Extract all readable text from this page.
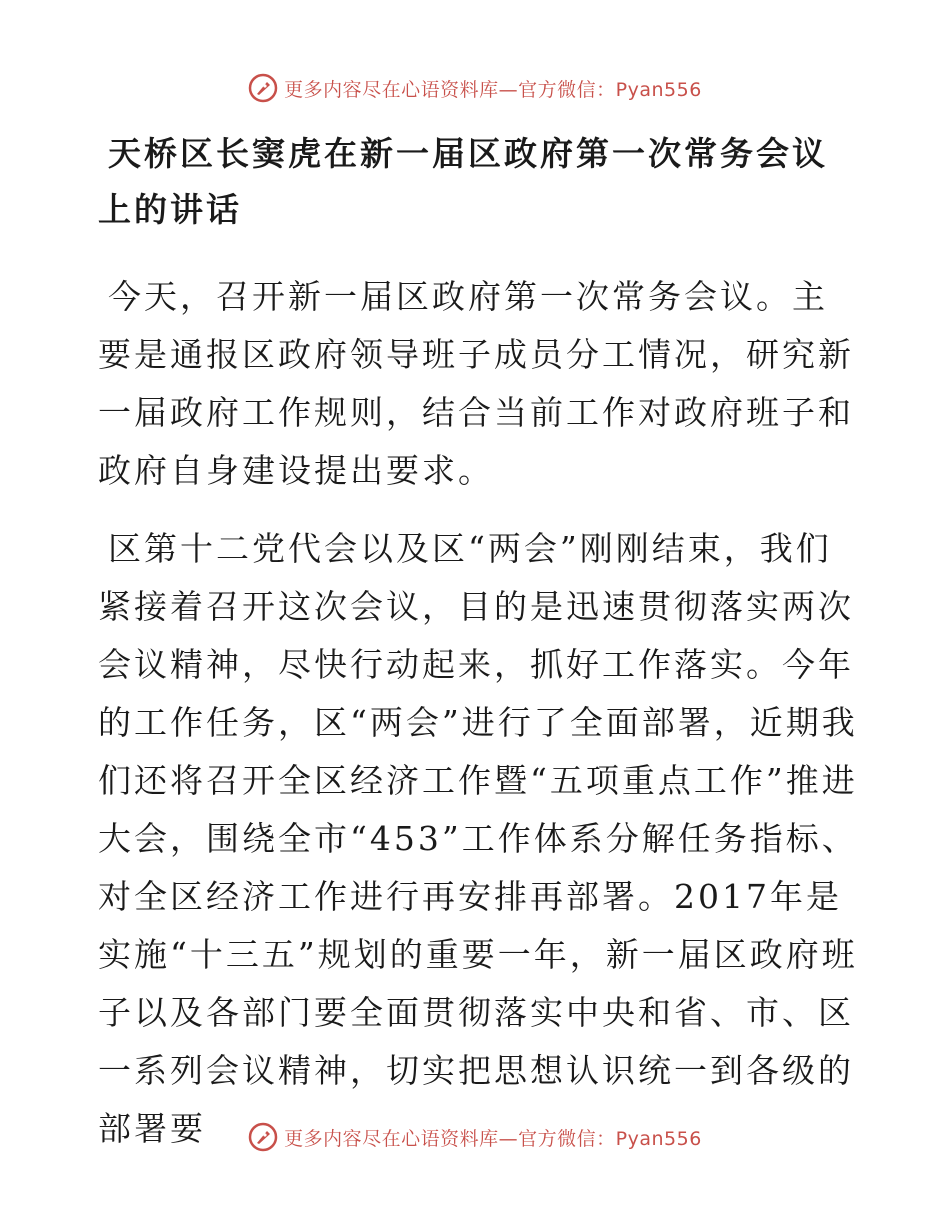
更多内容尽在心语资料库—官方微信：Pyan556
天桥区长窦虎在新一届区政府第一次常务会议上的讲话

今天，召开新一届区政府第一次常务会议。主要是通报区政府领导班子成员分工情况，研究新一届政府工作规则，结合当前工作对政府班子和政府自身建设提出要求。

区第十二党代会以及区“两会”刚刚结束，我们紧接着召开这次会议，目的是迅速贯彻落实两次会议精神，尽快行动起来，抓好工作落实。今年的工作任务，区“两会”进行了全面部署，近期我们还将召开全区经济工作暨“五项重点工作”推进大会，围绕全市“453”工作体系分解任务指标、对全区经济工作进行再安排再部署。2017年是实施“十三五”规划的重要一年，新一届区政府班子以及各部门要全面贯彻落实中央和省、市、区一系列会议精神，切实把思想认识统一到各级的部署要	更多内容尽在心语资料库—官方微信：Pyan556
